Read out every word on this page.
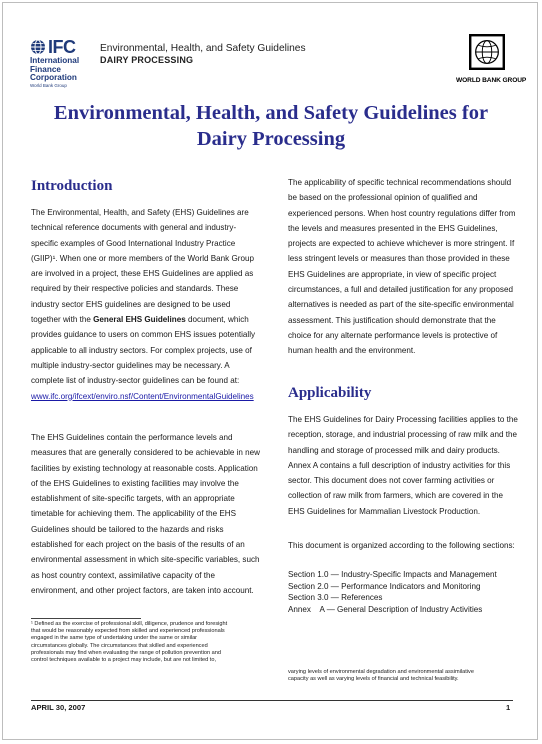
IFC
International
Finance
Corporation
World Bank Group
Environmental, Health, and Safety Guidelines
DAIRY PROCESSING
WORLD BANK GROUP
Environmental, Health, and Safety Guidelines for
Dairy Processing
Introduction
The Environmental, Health, and Safety (EHS) Guidelines are
technical reference documents with general and industry-
specific examples of Good International Industry Practice
(GIIP)¹. When one or more members of the World Bank Group
are involved in a project, these EHS Guidelines are applied as
required by their respective policies and standards. These
industry sector EHS guidelines are designed to be used
together with the General EHS Guidelines document, which
provides guidance to users on common EHS issues potentially
applicable to all industry sectors. For complex projects, use of
multiple industry-sector guidelines may be necessary. A
complete list of industry-sector guidelines can be found at:
www.ifc.org/ifcext/enviro.nsf/Content/EnvironmentalGuidelines
The EHS Guidelines contain the performance levels and
measures that are generally considered to be achievable in new
facilities by existing technology at reasonable costs. Application
of the EHS Guidelines to existing facilities may involve the
establishment of site-specific targets, with an appropriate
timetable for achieving them. The applicability of the EHS
Guidelines should be tailored to the hazards and risks
established for each project on the basis of the results of an
environmental assessment in which site-specific variables, such
as host country context, assimilative capacity of the
environment, and other project factors, are taken into account.
¹ Defined as the exercise of professional skill, diligence, prudence and foresight
that would be reasonably expected from skilled and experienced professionals
engaged in the same type of undertaking under the same or similar
circumstances globally. The circumstances that skilled and experienced
professionals may find when evaluating the range of pollution prevention and
control techniques available to a project may include, but are not limited to,
The applicability of specific technical recommendations should
be based on the professional opinion of qualified and
experienced persons. When host country regulations differ from
the levels and measures presented in the EHS Guidelines,
projects are expected to achieve whichever is more stringent. If
less stringent levels or measures than those provided in these
EHS Guidelines are appropriate, in view of specific project
circumstances, a full and detailed justification for any proposed
alternatives is needed as part of the site-specific environmental
assessment. This justification should demonstrate that the
choice for any alternate performance levels is protective of
human health and the environment.
Applicability
The EHS Guidelines for Dairy Processing facilities applies to the
reception, storage, and industrial processing of raw milk and the
handling and storage of processed milk and dairy products.
Annex A contains a full description of industry activities for this
sector. This document does not cover farming activities or
collection of raw milk from farmers, which are covered in the
EHS Guidelines for Mammalian Livestock Production.
This document is organized according to the following sections:
Section 1.0 — Industry-Specific Impacts and Management
Section 2.0 — Performance Indicators and Monitoring
Section 3.0 — References
Annex    A — General Description of Industry Activities
varying levels of environmental degradation and environmental assimilative
capacity as well as varying levels of financial and technical feasibility.
APRIL 30, 2007	1
